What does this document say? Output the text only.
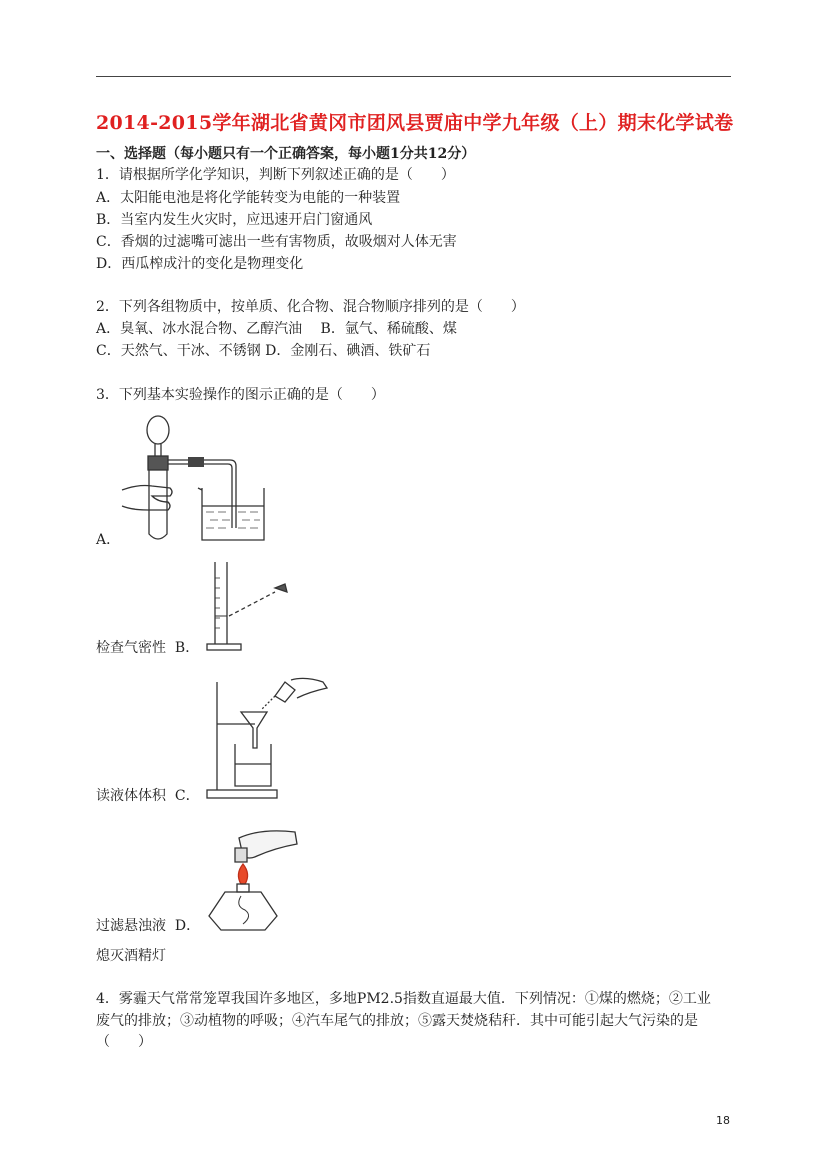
2014-2015学年湖北省黄冈市团风县贾庙中学九年级（上）期末化学试卷
一、选择题（每小题只有一个正确答案，每小题1分共12分）
1．请根据所学化学知识，判断下列叙述正确的是（　　）
A．太阳能电池是将化学能转变为电能的一种装置
B．当室内发生火灾时，应迅速开启门窗通风
C．香烟的过滤嘴可滤出一些有害物质，故吸烟对人体无害
D．西瓜榨成汁的变化是物理变化
2．下列各组物质中，按单质、化合物、混合物顺序排列的是（　　）
A．臭氧、冰水混合物、乙醇汽油　 B．氩气、稀硫酸、煤
C．天然气、干冰、不锈钢 D．金刚石、碘酒、铁矿石
3．下列基本实验操作的图示正确的是（　　）
A．
检查气密性 B．
读液体体积 C．
过滤悬浊液 D．
熄灭酒精灯
4．雾霾天气常常笼罩我国许多地区，多地PM2.5指数直逼最大值．下列情况：①煤的燃烧；②工业
废气的排放；③动植物的呼吸；④汽车尾气的排放；⑤露天焚烧秸秆．其中可能引起大气污染的是
（　　）
18
